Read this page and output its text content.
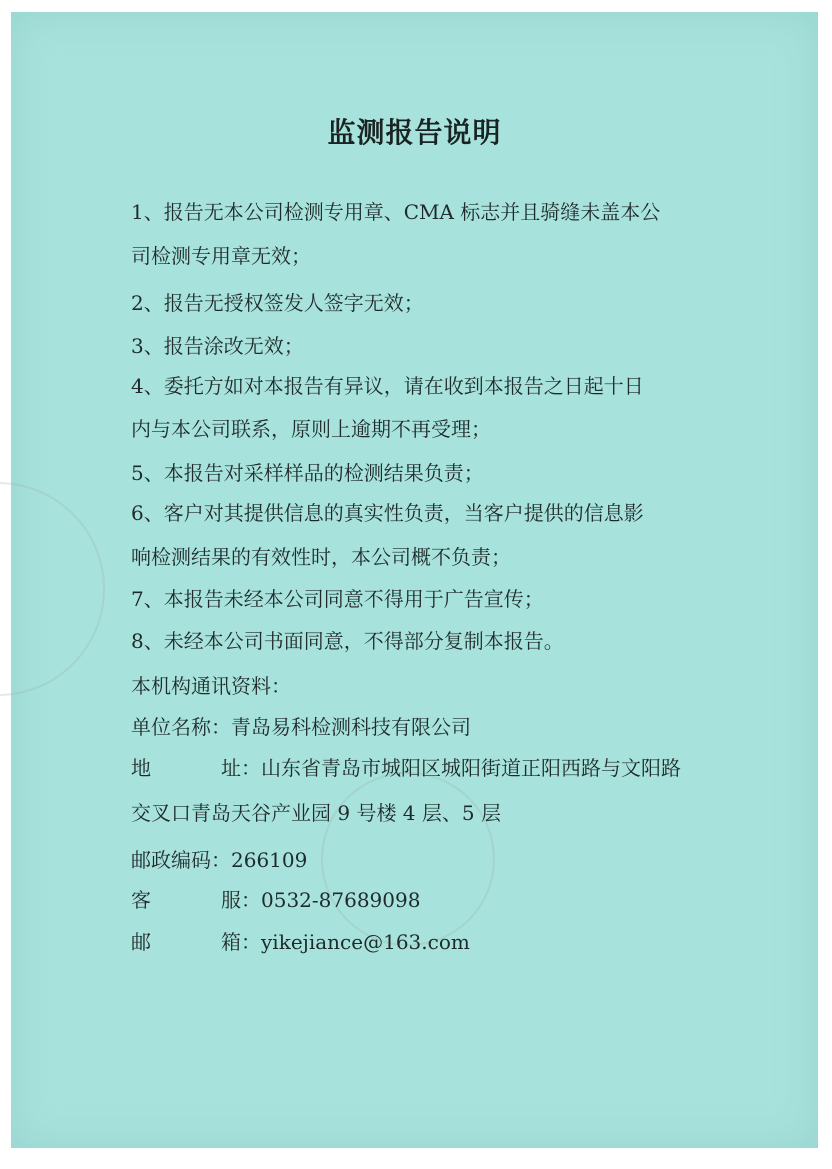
监测报告说明
1、报告无本公司检测专用章、CMA 标志并且骑缝未盖本公
司检测专用章无效；
2、报告无授权签发人签字无效；
3、报告涂改无效；
4、委托方如对本报告有异议，请在收到本报告之日起十日
内与本公司联系，原则上逾期不再受理；
5、本报告对采样样品的检测结果负责；
6、客户对其提供信息的真实性负责，当客户提供的信息影
响检测结果的有效性时，本公司概不负责；
7、本报告未经本公司同意不得用于广告宣传；
8、未经本公司书面同意，不得部分复制本报告。
本机构通讯资料：
单位名称：青岛易科检测科技有限公司
地	址：山东省青岛市城阳区城阳街道正阳西路与文阳路
交叉口青岛天谷产业园 9 号楼 4 层、5 层
邮政编码：266109
客	服：0532-87689098
邮	箱：yikejiance@163.com
